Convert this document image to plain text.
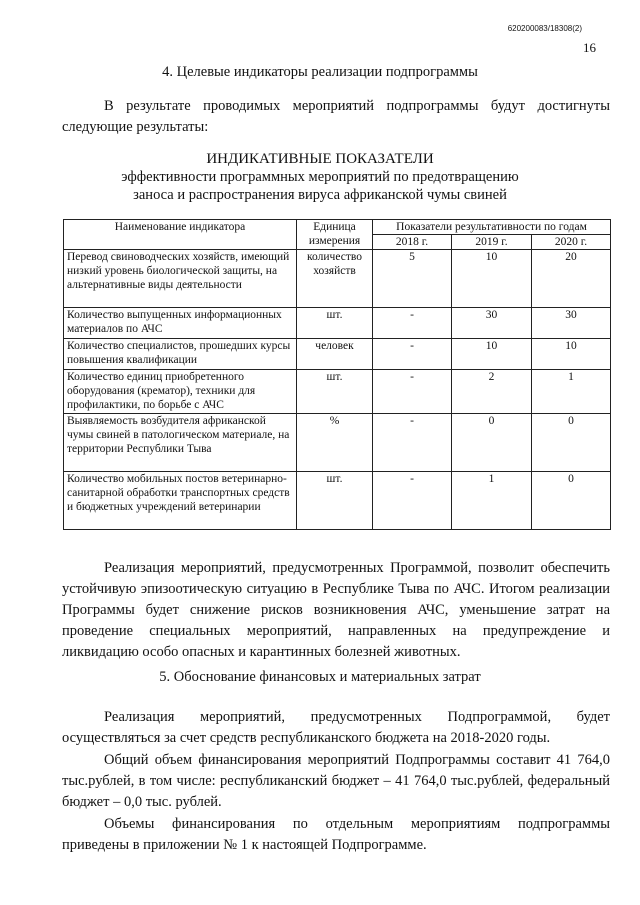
620200083/18308(2)
16
4. Целевые индикаторы реализации подпрограммы

В результате проводимых мероприятий подпрограммы будут достигнуты следующие результаты:

ИНДИКАТИВНЫЕ ПОКАЗАТЕЛИ
эффективности программных мероприятий по предотвращению
заноса и распространения вируса африканской чумы свиней
Наименование индикатора	Единица измерения	Показатели результативности по годам		
		2018 г.	2019 г.	2020 г.
Перевод свиноводческих хозяйств, имеющий низкий уровень биологической защиты, на альтернативные виды деятельности	количество хозяйств	5	10	20
Количество выпущенных информационных материалов по АЧС	шт.	-	30	30
Количество специалистов, прошедших курсы повышения квалификации	человек	-	10	10
Количество единиц приобретенного оборудования (крематор), техники для профилактики, по борьбе с АЧС	шт.	-	2	1
Выявляемость возбудителя африканской чумы свиней в патологическом материале, на территории Республики Тыва	%	-	0	0
Количество мобильных постов ветеринарно-санитарной обработки транспортных средств и бюджетных учреждений ветеринарии	шт.	-	1	0

Реализация мероприятий, предусмотренных Программой, позволит обеспечить устойчивую эпизоотическую ситуацию в Республике Тыва по АЧС. Итогом реализации Программы будет снижение рисков возникновения АЧС, уменьшение затрат на проведение специальных мероприятий, направленных на предупреждение и ликвидацию особо опасных и карантинных болезней животных.

5. Обоснование финансовых и материальных затрат

Реализация мероприятий, предусмотренных Подпрограммой, будет осуществляться за счет средств республиканского бюджета на 2018-2020 годы.

Общий объем финансирования мероприятий Подпрограммы составит 41 764,0 тыс.рублей, в том числе: республиканский бюджет – 41 764,0 тыс.рублей, федеральный бюджет – 0,0 тыс. рублей.

Объемы финансирования по отдельным мероприятиям подпрограммы приведены в приложении № 1 к настоящей Подпрограмме.
